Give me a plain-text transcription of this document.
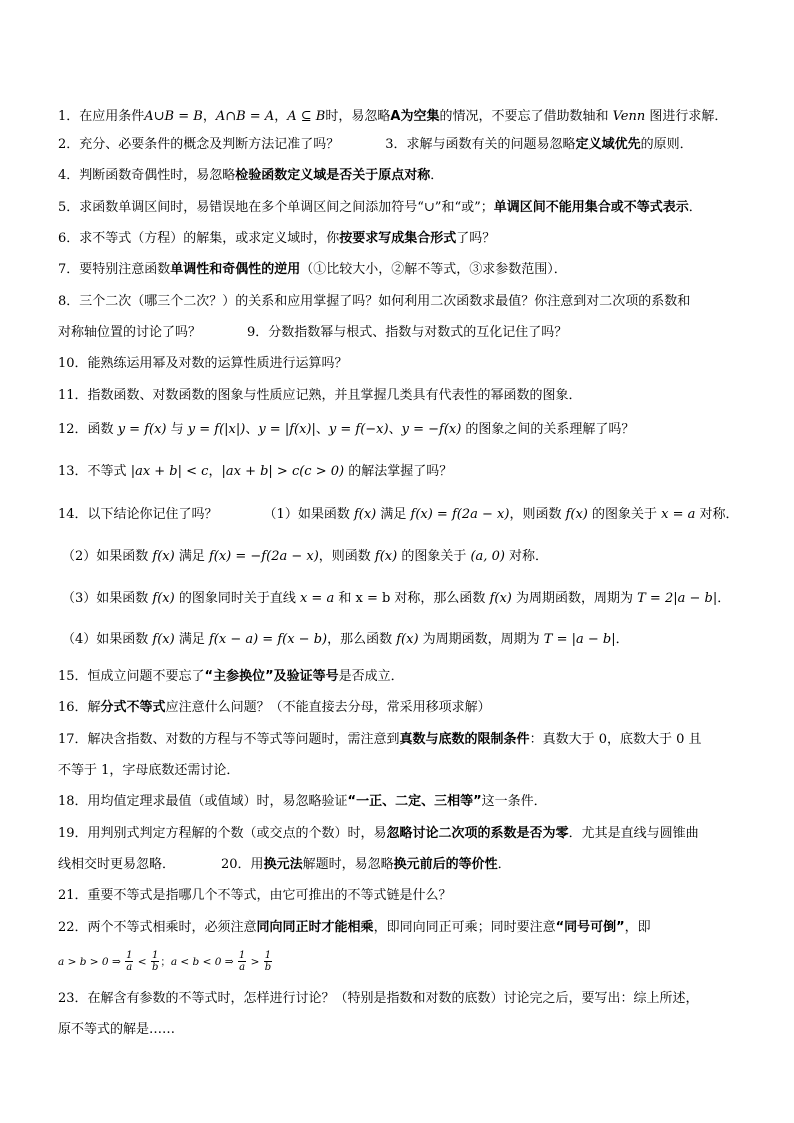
1．在应用条件A∪B = B，A∩B = A，A ⊆ B时，易忽略A为空集的情况，不要忘了借助数轴和 Venn 图进行求解．
2．充分、必要条件的概念及判断方法记准了吗？	3．求解与函数有关的问题易忽略定义域优先的原则．
4．判断函数奇偶性时，易忽略检验函数定义域是否关于原点对称．
5．求函数单调区间时，易错误地在多个单调区间之间添加符号“∪”和“或”；单调区间不能用集合或不等式表示．
6．求不等式（方程）的解集，或求定义域时，你按要求写成集合形式了吗？
7．要特别注意函数单调性和奇偶性的逆用（①比较大小，②解不等式，③求参数范围）．
8．三个二次（哪三个二次？）的关系和应用掌握了吗？如何利用二次函数求最值？你注意到对二次项的系数和
对称轴位置的讨论了吗？	9．分数指数幂与根式、指数与对数式的互化记住了吗？
10．能熟练运用幂及对数的运算性质进行运算吗？
11．指数函数、对数函数的图象与性质应记熟，并且掌握几类具有代表性的幂函数的图象．
12．函数 y = f(x) 与 y = f(|x|)、y = |f(x)|、y = f(−x)、y = −f(x) 的图象之间的关系理解了吗？
13．不等式 |ax + b| < c，|ax + b| > c(c > 0) 的解法掌握了吗？
14．以下结论你记住了吗？	（1）如果函数 f(x) 满足 f(x) = f(2a − x)，则函数 f(x) 的图象关于 x = a 对称．
（2）如果函数 f(x) 满足 f(x) = −f(2a − x)，则函数 f(x) 的图象关于 (a, 0) 对称．
（3）如果函数 f(x) 的图象同时关于直线 x = a 和 x = b 对称，那么函数 f(x) 为周期函数，周期为 T = 2|a − b|．
（4）如果函数 f(x) 满足 f(x − a) = f(x − b)，那么函数 f(x) 为周期函数，周期为 T = |a − b|．
15．恒成立问题不要忘了“主参换位”及验证等号是否成立．
16．解分式不等式应注意什么问题？（不能直接去分母，常采用移项求解）
17．解决含指数、对数的方程与不等式等问题时，需注意到真数与底数的限制条件：真数大于 0，底数大于 0 且
不等于 1，字母底数还需讨论．
18．用均值定理求最值（或值域）时，易忽略验证“一正、二定、三相等”这一条件．
19．用判别式判定方程解的个数（或交点的个数）时，易忽略讨论二次项的系数是否为零．尤其是直线与圆锥曲
线相交时更易忽略．	20．用换元法解题时，易忽略换元前后的等价性．
21．重要不等式是指哪几个不等式，由它可推出的不等式链是什么？
22．两个不等式相乘时，必须注意同向同正时才能相乘，即同向同正可乘；同时要注意“同号可倒”，即
a > b > 0 ⇒ $\frac{1}{a} < \frac{1}{b}$ ；a < b < 0 ⇒ $\frac{1}{a} > \frac{1}{b}$
23．在解含有参数的不等式时，怎样进行讨论？（特别是指数和对数的底数）讨论完之后，要写出：综上所述，
原不等式的解是……
